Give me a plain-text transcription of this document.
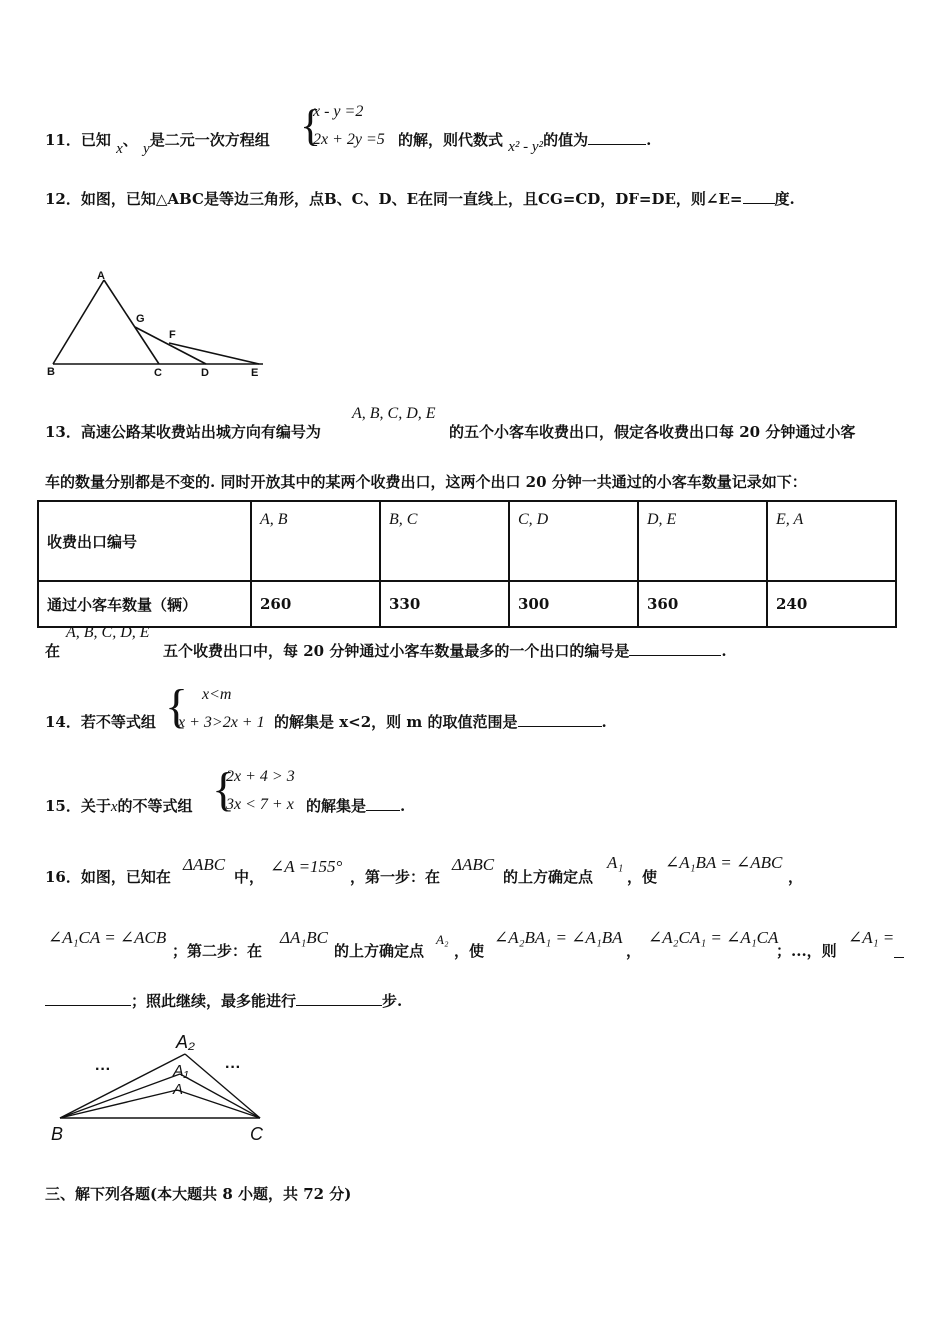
11．已知 x、 y是二元一次方程组 {
x - y =2
2x + 2y =5 的解，则代数式 x² - y²的值为	.
12．如图，已知△ABC是等边三角形，点B、C、D、E在同一直线上，且CG=CD，DF=DE，则∠E= 度.
A
B	C	D	E
G
F
13．高速公路某收费站出城方向有编号为
A, B, C, D, E
的五个小客车收费出口，假定各收费出口每 20 分钟通过小客
车的数量分别都是不变的. 同时开放其中的某两个收费出口，这两个出口 20 分钟一共通过的小客车数量记录如下：
收费出口编号	A, B	B, C	C, D	D, E	E, A
通过小客车数量（辆）	260	330	300	360	240
在
A, B, C, D, E
五个收费出口中，每 20 分钟通过小客车数量最多的一个出口的编号是	.
14．若不等式组 { x<m
x + 3>2x + 1 的解集是 x<2，则 m 的取值范围是	.
15．关于x的不等式组 {
2x + 4 > 3
3x < 7 + x 的解集是 .
16．如图，已知在
ΔABC
中，
∠A =155°
，第一步：在
ΔABC
的上方确定点
A₁
，使
∠A₁BA = ∠ABC
，
∠A₁CA = ∠ACB
；第二步：在
ΔA₁BC
的上方确定点
A₂
，使
∠A₂BA₁ = ∠A₁BA
，
∠A₂CA₁ = ∠A₁CA
；...，则
∠A₁ =
；照此继续，最多能进行	步.
A₂
A₁
A
B	C
···	···
三、解下列各题(本大题共 8 小题，共 72 分)
